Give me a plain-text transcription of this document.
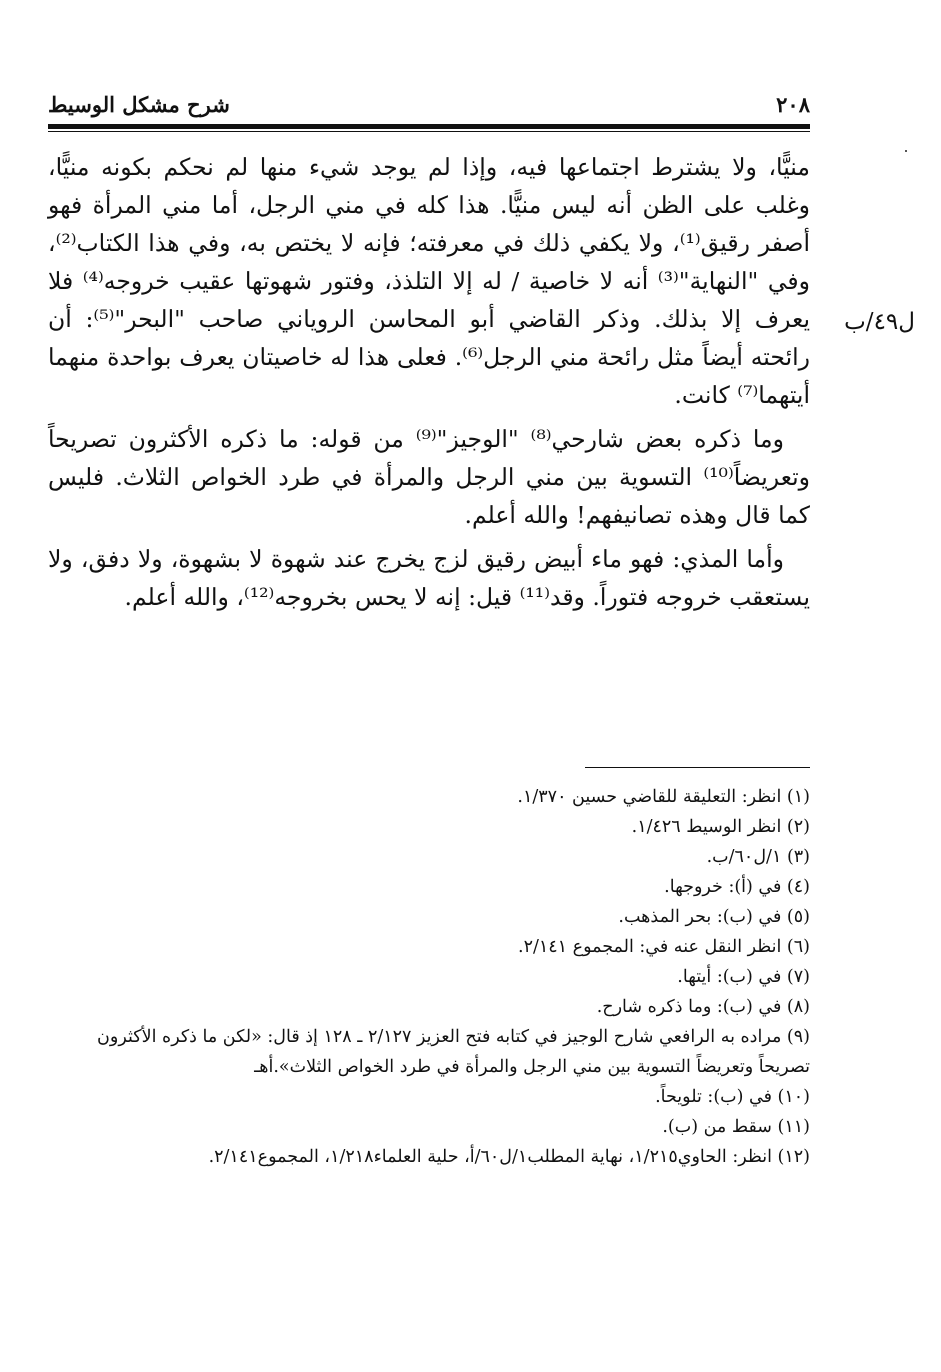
٢٠٨
شرح مشكل الوسيط
ل٤٩/ب

منيًّا، ولا يشترط اجتماعها فيه، وإذا لم يوجد شيء منها لم نحكم بكونه منيًّا، وغلب على الظن أنه ليس منيًّا. هذا كله في مني الرجل، أما مني المرأة فهو أصفر رقيق⁽¹⁾، ولا يكفي ذلك في معرفته؛ فإنه لا يختص به، وفي هذا الكتاب⁽²⁾، وفي "النهاية"⁽³⁾ أنه لا خاصية / له إلا التلذذ، وفتور شهوتها عقيب خروجه⁽⁴⁾ فلا يعرف إلا بذلك. وذكر القاضي أبو المحاسن الروياني صاحب "البحر"⁽⁵⁾: أن رائحته أيضاً مثل رائحة مني الرجل⁽⁶⁾. فعلى هذا له خاصيتان يعرف بواحدة منهما أيتهما⁽⁷⁾ كانت.

وما ذكره بعض شارحي⁽⁸⁾ "الوجيز"⁽⁹⁾ من قوله: ما ذكره الأكثرون تصريحاً وتعريضاً⁽¹⁰⁾ التسوية بين مني الرجل والمرأة في طرد الخواص الثلاث. فليس كما قال وهذه تصانيفهم! والله أعلم.

وأما المذي: فهو ماء أبيض رقيق لزج يخرج عند شهوة لا بشهوة، ولا دفق، ولا يستعقب خروجه فتوراً. وقد⁽¹¹⁾ قيل: إنه لا يحس بخروجه⁽¹²⁾، والله أعلم.

(١) انظر: التعليقة للقاضي حسين ١/٣٧٠.

(٢) انظر الوسيط ١/٤٢٦.

(٣) ١/ل٦٠/ب.

(٤) في (أ): خروجها.

(٥) في (ب): بحر المذهب.

(٦) انظر النقل عنه في: المجموع ٢/١٤١.

(٧) في (ب): أيتها.

(٨) في (ب): وما ذكره شارح.

(٩) مراده به الرافعي شارح الوجيز في كتابه فتح العزيز ٢/١٢٧ ـ ١٢٨ إذ قال: «لكن ما ذكره الأكثرون تصريحاً وتعريضاً التسوية بين مني الرجل والمرأة في طرد الخواص الثلاث».أهـ

(١٠) في (ب): تلويحاً.

(١١) سقط من (ب).

(١٢) انظر: الحاوي١/٢١٥، نهاية المطلب١/ل٦٠/أ، حلية العلماء١/٢١٨، المجموع٢/١٤١.
